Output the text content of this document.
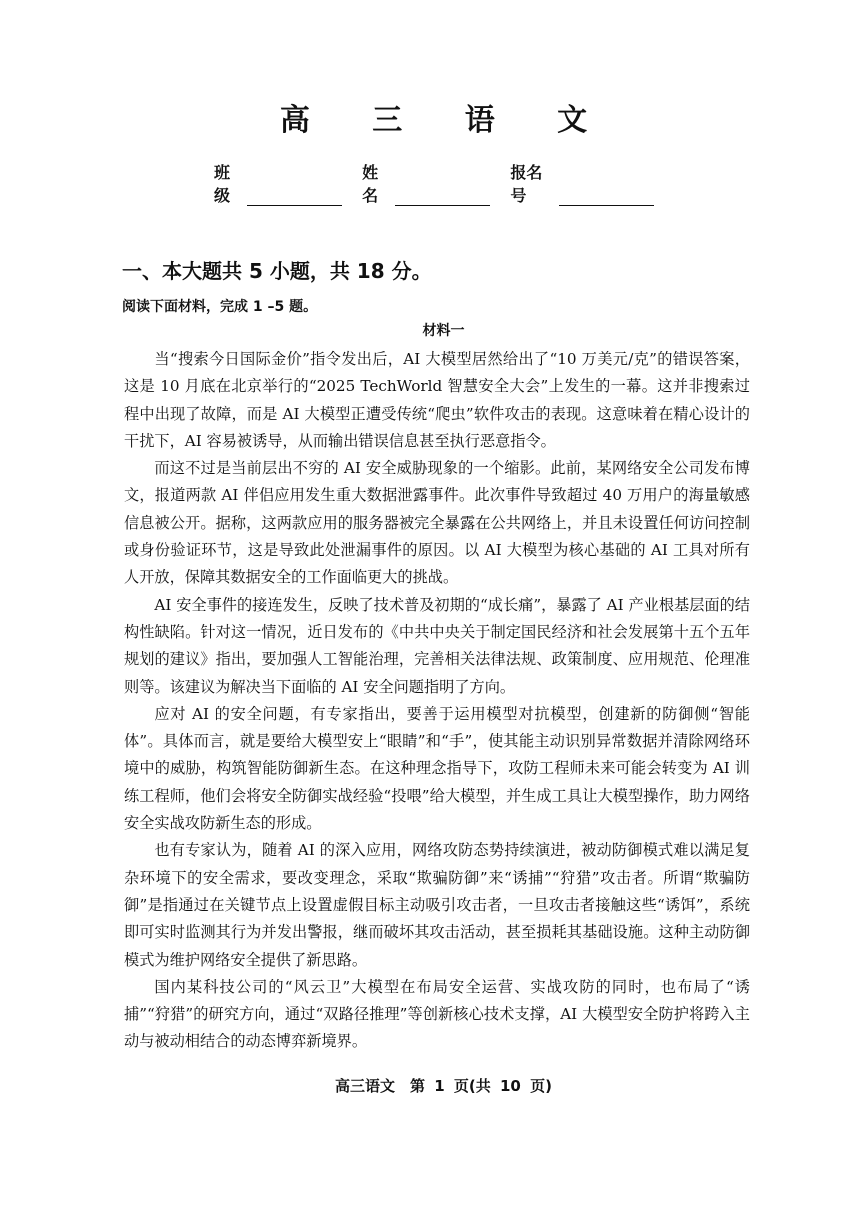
高 三 语 文
班级
姓名
报名号
一、本大题共 5 小题，共 18 分。
阅读下面材料，完成 1 –5 题。
材料一

当“搜索今日国际金价”指令发出后，AI 大模型居然给出了“10 万美元/克”的错误答案，这是 10 月底在北京举行的“2025 TechWorld 智慧安全大会”上发生的一幕。这并非搜索过程中出现了故障，而是 AI 大模型正遭受传统“爬虫”软件攻击的表现。这意味着在精心设计的干扰下，AI 容易被诱导，从而输出错误信息甚至执行恶意指令。

而这不过是当前层出不穷的 AI 安全威胁现象的一个缩影。此前，某网络安全公司发布博文，报道两款 AI 伴侣应用发生重大数据泄露事件。此次事件导致超过 40 万用户的海量敏感信息被公开。据称，这两款应用的服务器被完全暴露在公共网络上，并且未设置任何访问控制或身份验证环节，这是导致此处泄漏事件的原因。以 AI 大模型为核心基础的 AI 工具对所有人开放，保障其数据安全的工作面临更大的挑战。

AI 安全事件的接连发生，反映了技术普及初期的“成长痛”，暴露了 AI 产业根基层面的结构性缺陷。针对这一情况，近日发布的《中共中央关于制定国民经济和社会发展第十五个五年规划的建议》指出，要加强人工智能治理，完善相关法律法规、政策制度、应用规范、伦理准则等。该建议为解决当下面临的 AI 安全问题指明了方向。

应对 AI 的安全问题，有专家指出，要善于运用模型对抗模型，创建新的防御侧“智能体”。具体而言，就是要给大模型安上“眼睛”和“手”，使其能主动识别异常数据并清除网络环境中的威胁，构筑智能防御新生态。在这种理念指导下，攻防工程师未来可能会转变为 AI 训练工程师，他们会将安全防御实战经验“投喂”给大模型，并生成工具让大模型操作，助力网络安全实战攻防新生态的形成。

也有专家认为，随着 AI 的深入应用，网络攻防态势持续演进，被动防御模式难以满足复杂环境下的安全需求，要改变理念，采取“欺骗防御”来“诱捕”“狩猎”攻击者。所谓“欺骗防御”是指通过在关键节点上设置虚假目标主动吸引攻击者，一旦攻击者接触这些“诱饵”，系统即可实时监测其行为并发出警报，继而破坏其攻击活动，甚至损耗其基础设施。这种主动防御模式为维护网络安全提供了新思路。

国内某科技公司的“风云卫”大模型在布局安全运营、实战攻防的同时，也布局了“诱捕”“狩猎”的研究方向，通过“双路径推理”等创新核心技术支撑，AI 大模型安全防护将跨入主动与被动相结合的动态博弈新境界。

高三语文　第 1 页(共 10 页)
